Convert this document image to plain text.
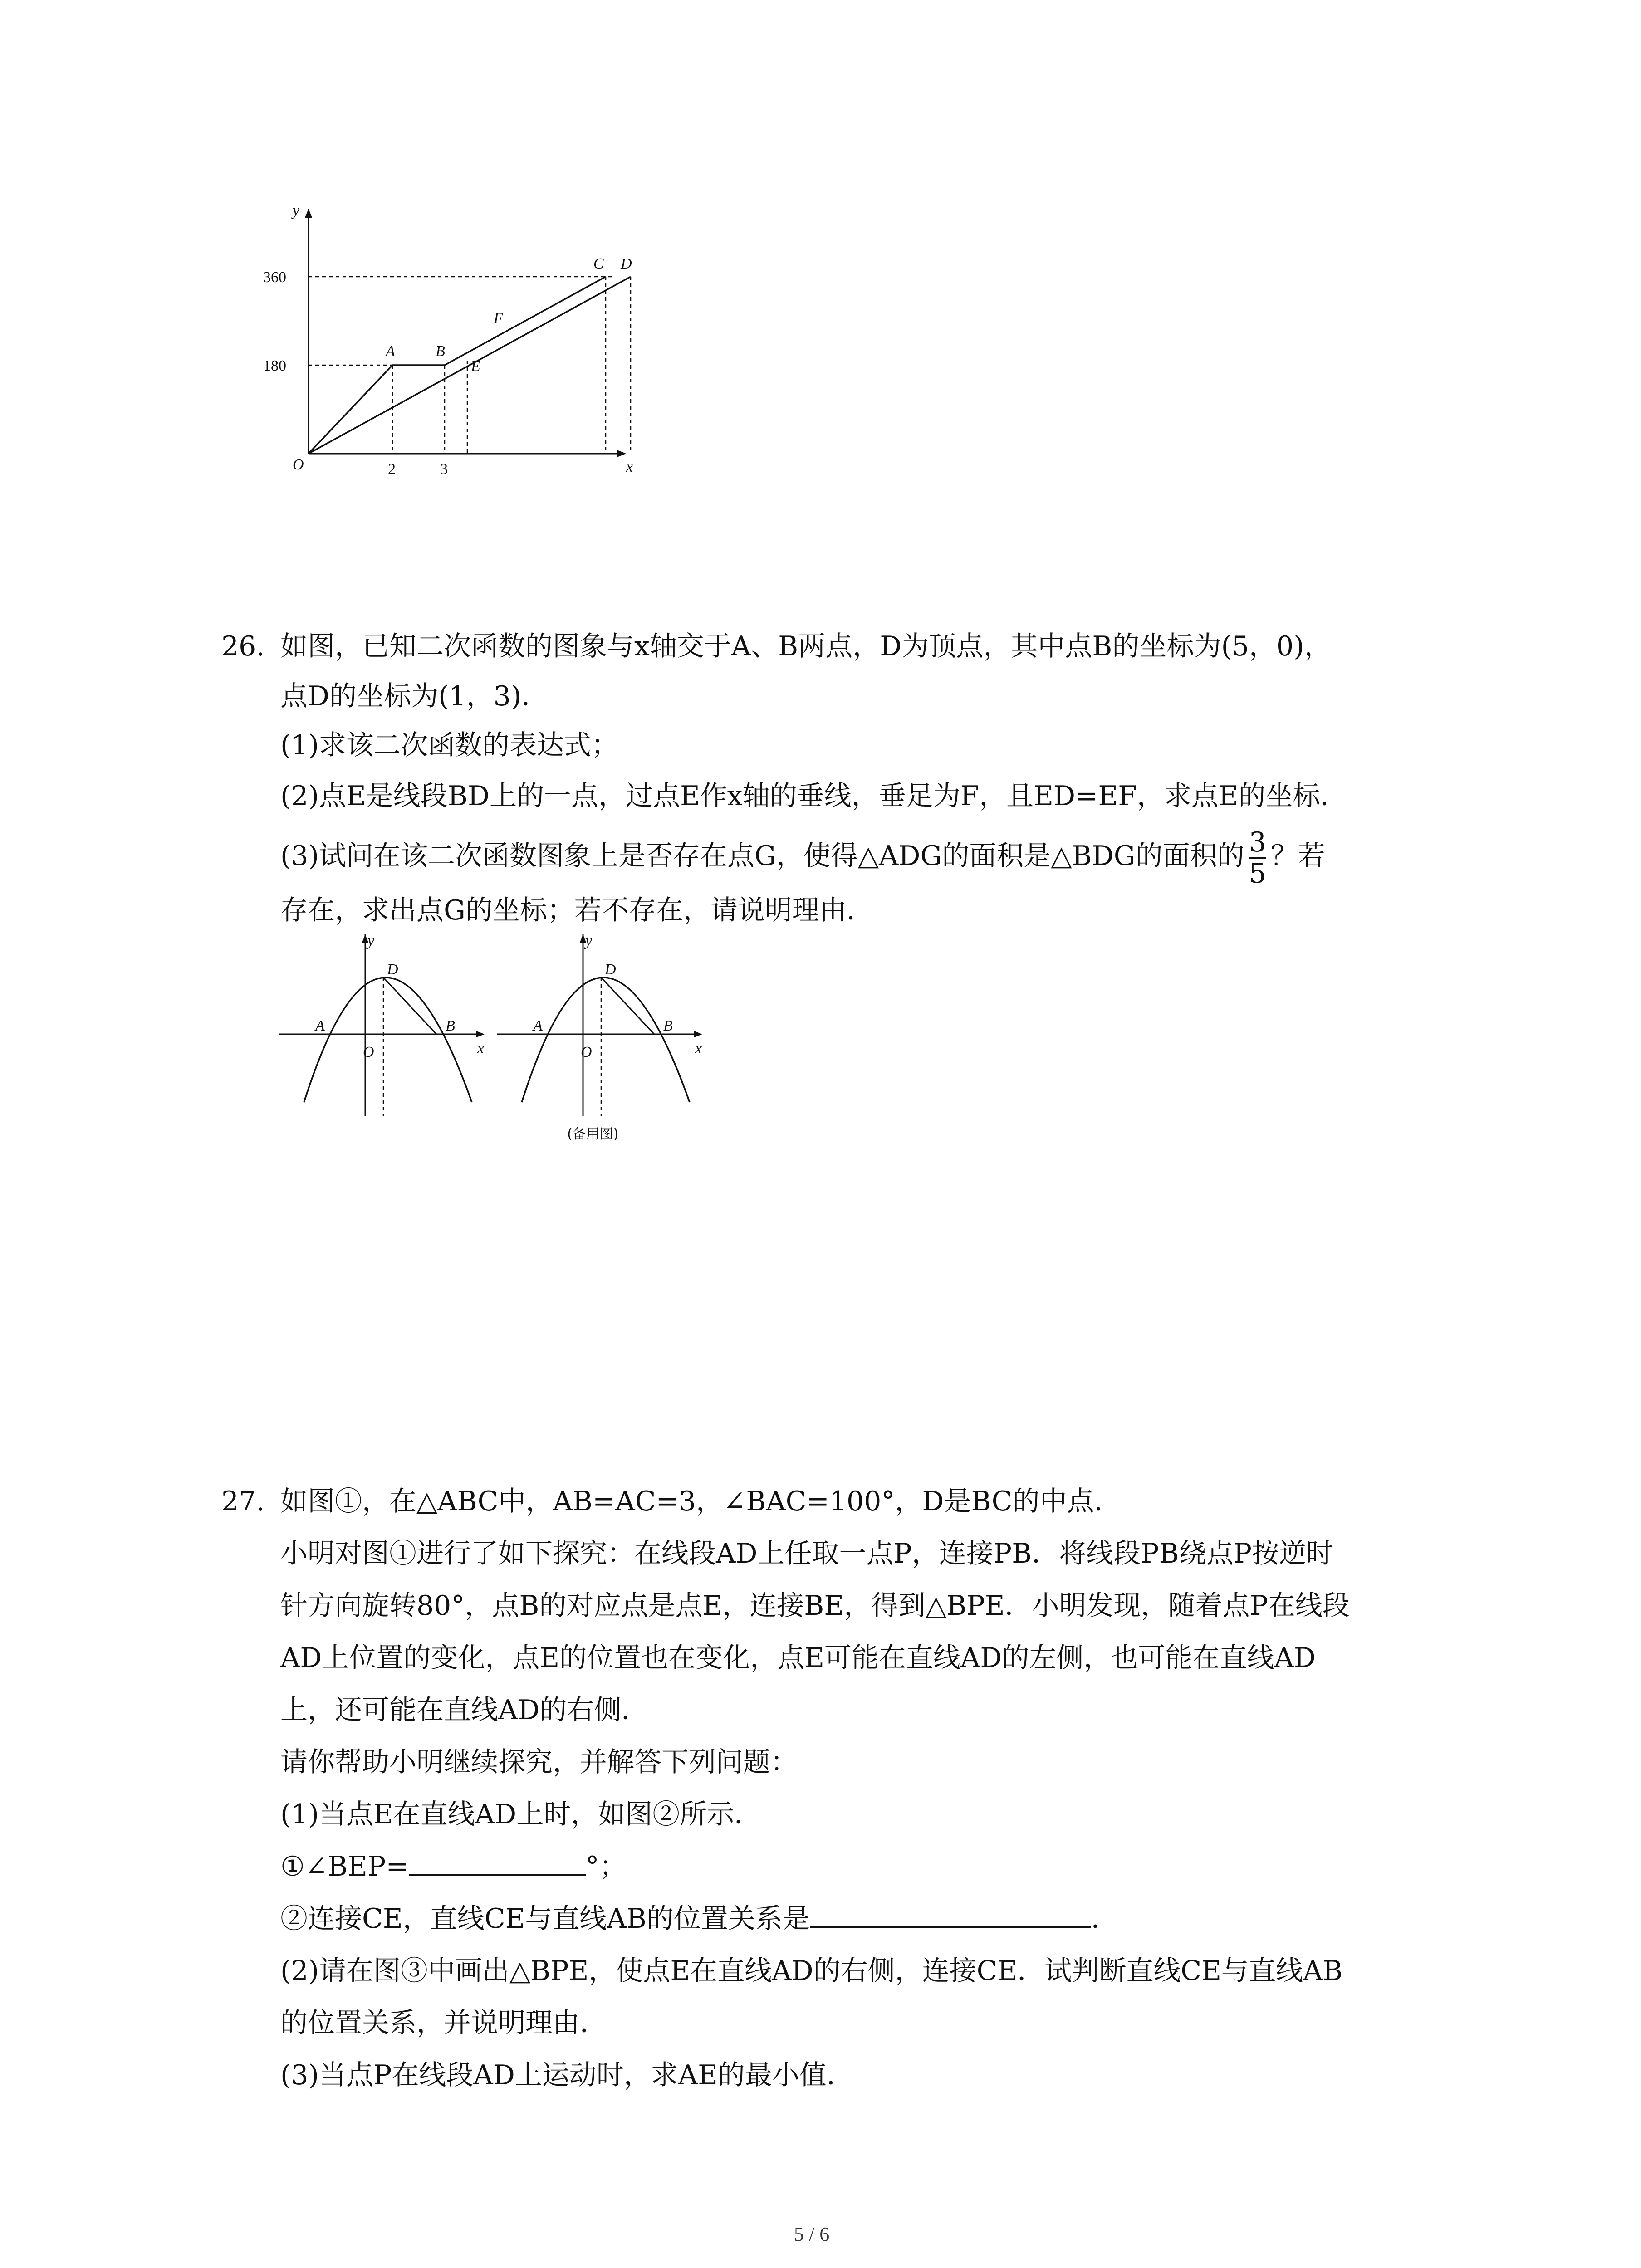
y
x
O
360
180
2	3
A	B
E
F
C D
26. 如图，已知二次函数的图象与x轴交于A、B两点，D为顶点，其中点B的坐标为(5，0)，
点D的坐标为(1，3)．
(1)求该二次函数的表达式；
(2)点E是线段BD上的一点，过点E作x轴的垂线，垂足为F，且ED=EF，求点E的坐标．
(3)试问在该二次函数图象上是否存在点G，使得△ADG的面积是△BDG的面积的 $\frac{3}{5}$ ？若
存在，求出点G的坐标；若不存在，请说明理由．
y
x
O
A	B
D
y
x
O
A	B
D
(备用图)
27. 如图①，在△ABC中，AB=AC=3，∠BAC=100°，D是BC的中点．
小明对图①进行了如下探究：在线段AD上任取一点P，连接PB．将线段PB绕点P按逆时
针方向旋转80°，点B的对应点是点E，连接BE，得到△BPE．小明发现，随着点P在线段
AD上位置的变化，点E的位置也在变化，点E可能在直线AD的左侧，也可能在直线AD
上，还可能在直线AD的右侧．
请你帮助小明继续探究，并解答下列问题：
(1)当点E在直线AD上时，如图②所示．
①∠BEP=	°；
②连接CE，直线CE与直线AB的位置关系是	．
(2)请在图③中画出△BPE，使点E在直线AD的右侧，连接CE．试判断直线CE与直线AB
的位置关系，并说明理由．
(3)当点P在线段AD上运动时，求AE的最小值．
5 / 6
